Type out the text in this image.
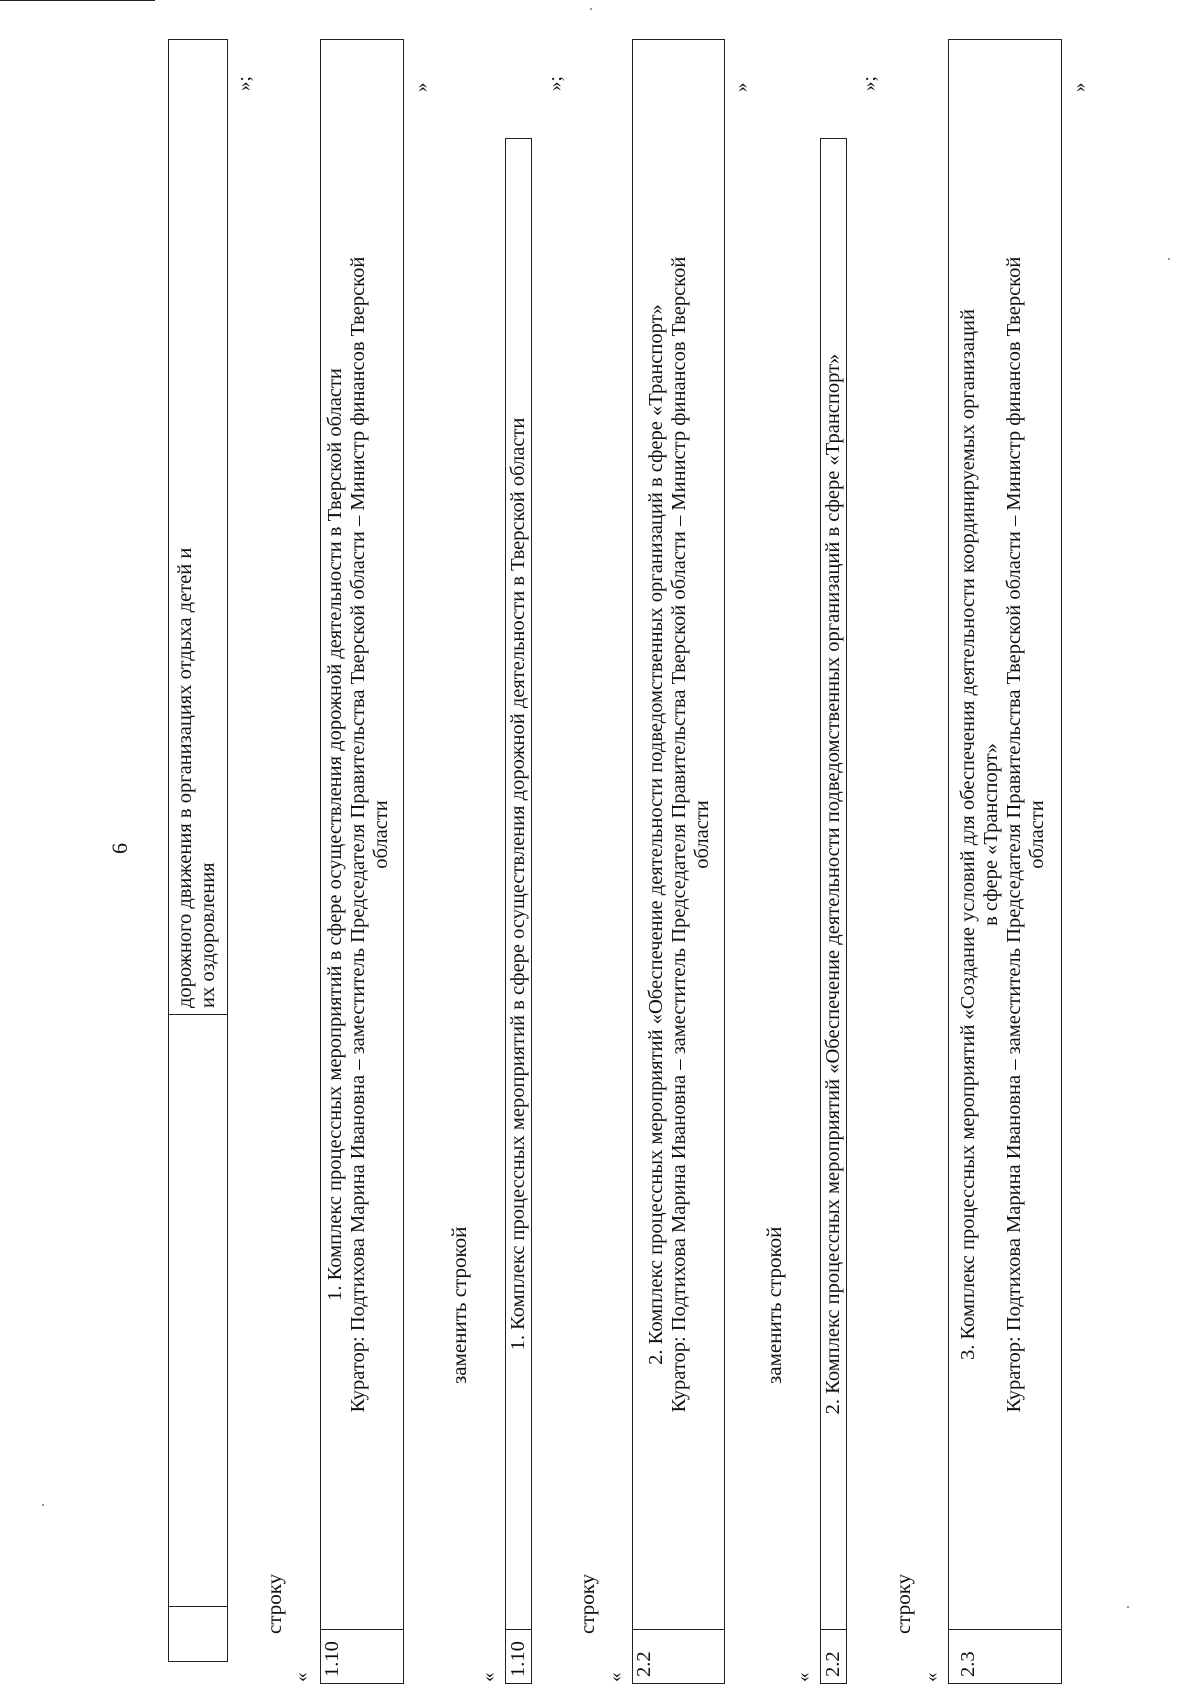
6
		дорожного движения в организациях отдыха детей и их оздоровления
»;
строку
«
1.10	
1. Комплекс процессных мероприятий в сфере осуществления дорожной деятельности в Тверской области Куратор: Подтихова Марина Ивановна – заместитель Председателя Правительства Тверской области – Министр финансов Тверской области
»
заменить строкой
«
1.10	
1. Комплекс процессных мероприятий в сфере осуществления дорожной деятельности в Тверской области
»;
строку
«
2.2	
2. Комплекс процессных мероприятий «Обеспечение деятельности подведомственных организаций в сфере «Транспорт» Куратор: Подтихова Марина Ивановна – заместитель Председателя Правительства Тверской области – Министр финансов Тверской области
»
заменить строкой
«
2.2	
2. Комплекс процессных мероприятий «Обеспечение деятельности подведомственных организаций в сфере «Транспорт»
»;
строку
«
2.3	
3. Комплекс процессных мероприятий «Создание условий для обеспечения деятельности координируемых организаций в сфере «Транспорт» Куратор: Подтихова Марина Ивановна – заместитель Председателя Правительства Тверской области – Министр финансов Тверской области
»
